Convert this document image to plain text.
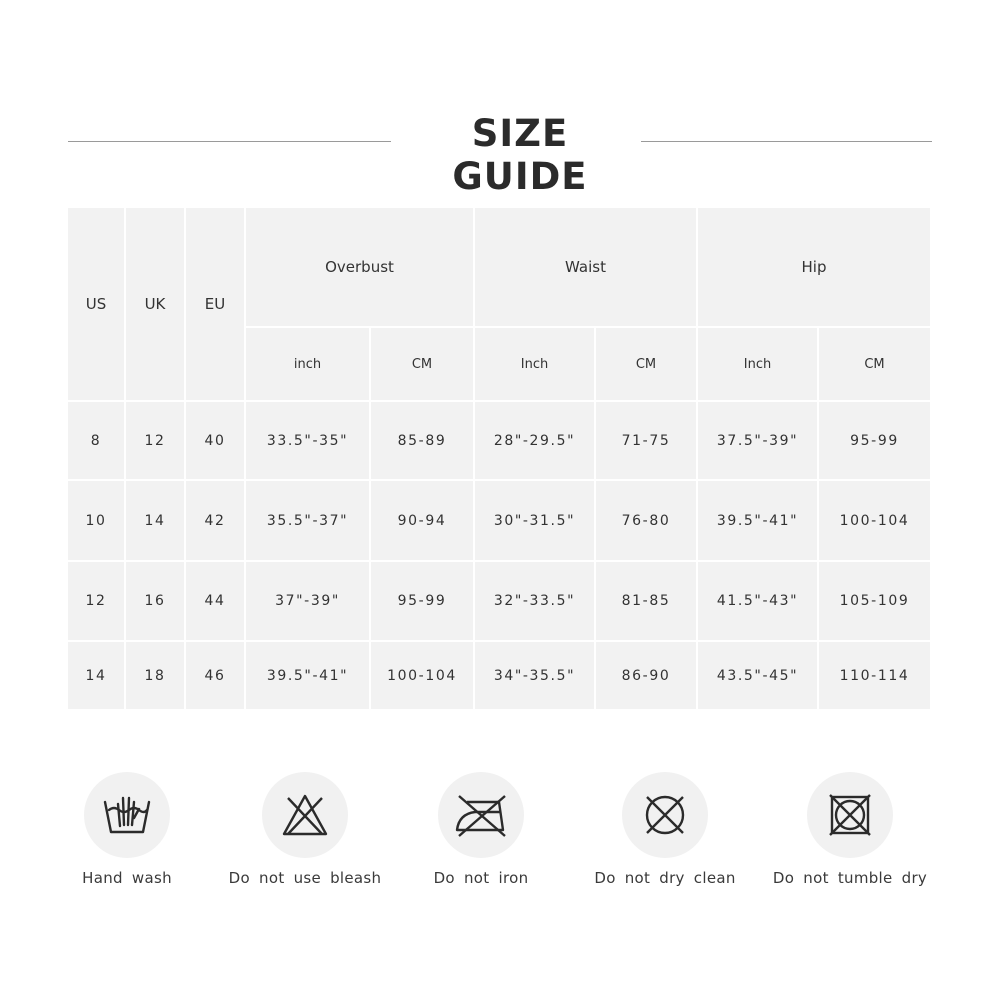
SIZE GUIDE
US	UK	EU
Overbust	Waist	Hip
inch	CM	Inch	CM	Inch	CM
8	12	40	33.5"-35"	85-89	28"-29.5"	71-75	37.5"-39"	95-99
10	14	42	35.5"-37"	90-94	30"-31.5"	76-80	39.5"-41"	100-104
12	16	44	37"-39"	95-99	32"-33.5"	81-85	41.5"-43"	105-109
14	18	46	39.5"-41"	100-104	34"-35.5"	86-90	43.5"-45"	110-114
Hand wash	Do not use bleash	Do not iron	Do not dry clean	Do not tumble dry
